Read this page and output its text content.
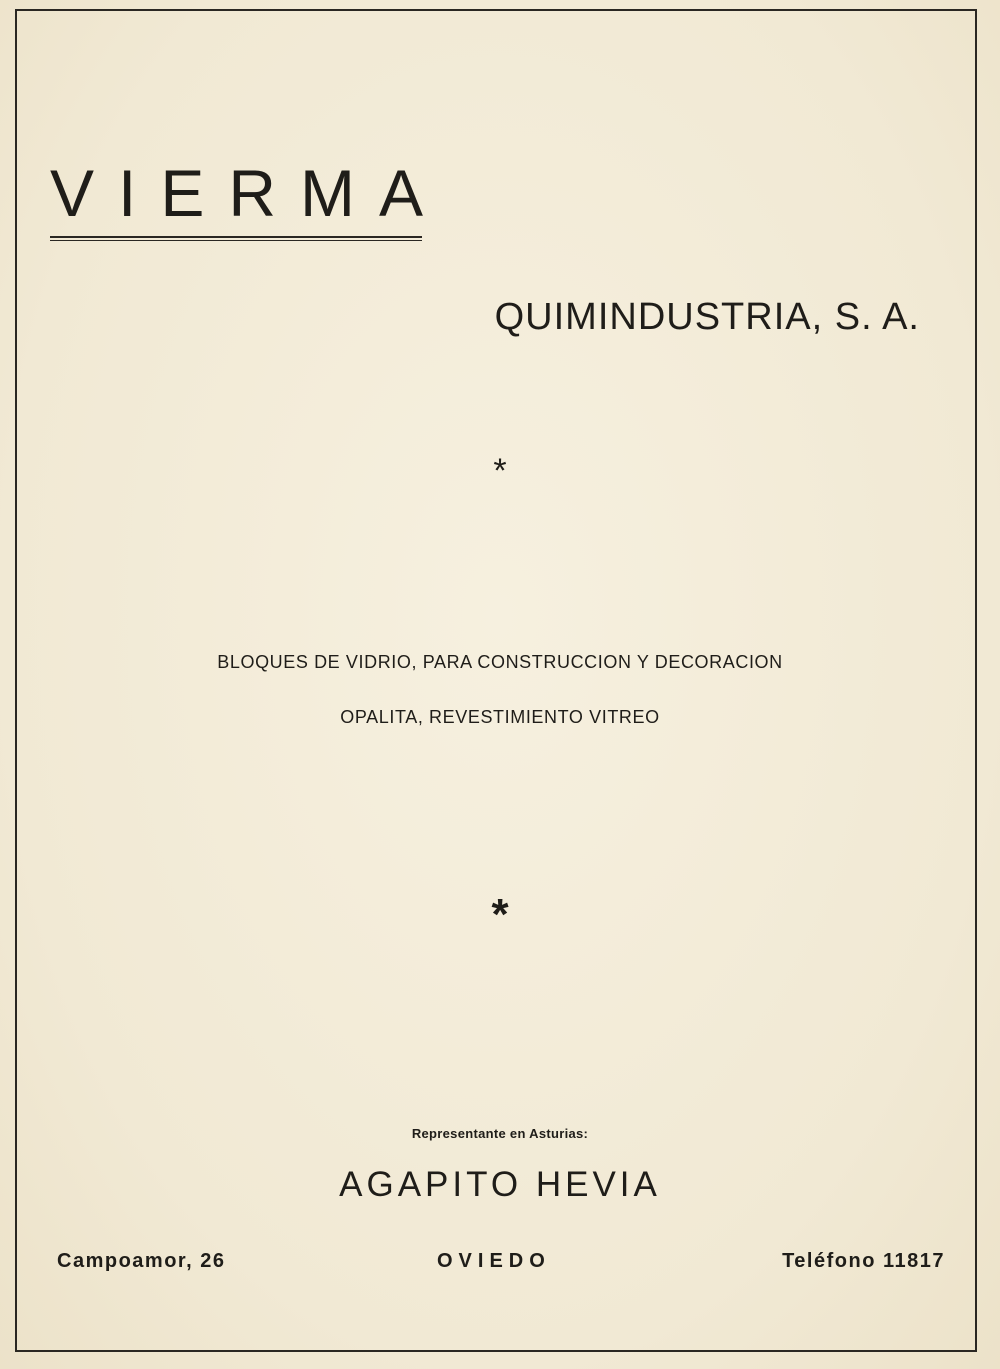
VIERMA
QUIMINDUSTRIA, S. A.
*
BLOQUES DE VIDRIO, PARA CONSTRUCCION Y DECORACION
OPALITA, REVESTIMIENTO VITREO
*
Representante en Asturias:
AGAPITO HEVIA
Campoamor, 26	OVIEDO	Teléfono 11817
